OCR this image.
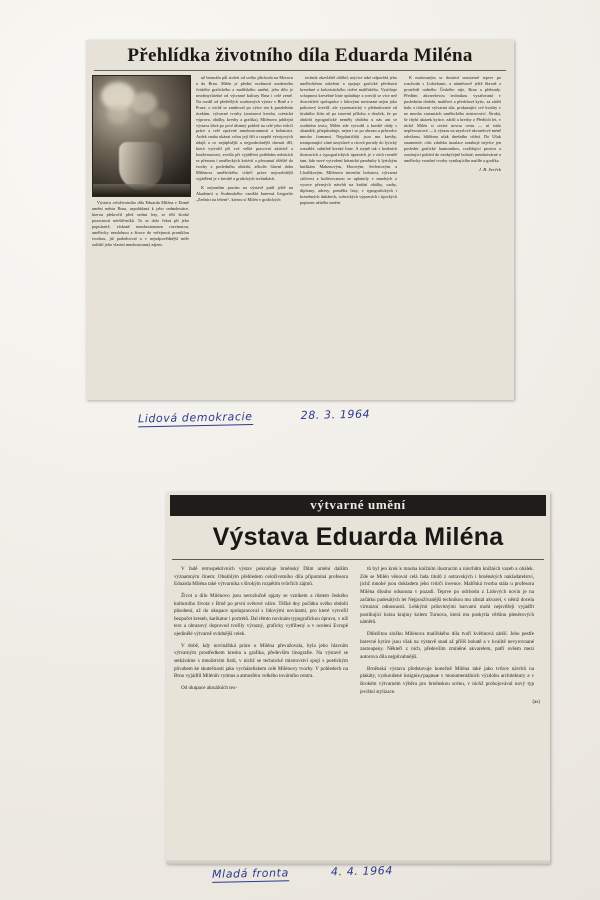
Přehlídka životního díla Eduarda Miléna
Výstava celoživotního díla Eduarda Miléna v Domě umění města Brna, uspořádaná k jeho sedmdesátce, kterou překročil před sedmi lety, se těší široké pozornosti návštěvníků. To se dalo čekat při jeho popularitě, získané mnohostrannou rozvinutou, umělecky nezdolnou a široce do veřejnosti proniklou tvorbou, již podněcoval a v nejodpovědnější míře zaštítil jeho vlastní mnohostranný zájem.
už bezmála půl století od svého příchodu na Moravu a do Brna. Milén je přední osobností moderního českého grafického a malířského umění, jeho dílo je neodmyslitelné od výtvarné kultury Brna i celé země. Na rozdíl od předešlých souborných výstav v Brně a v Praze, o nichž se zmiňoval po výtce ten k paralelním úsekům, výtvarné tvorby (nosinová kresba, scénická výprava, obálky, kresby a grafika), Milénova jubilejní výstava dává po prvé úhrnný pohled na celé jeho tvůrčí práce a celé zprávné mnohostrannosti a bohatosti. Ardek snaha ukázat celou její šíři a rozpětí vývojových údajů a co nejúplnější a nejpodrobnější shrnutí děl, která vytvořil při své velké pracovní aktivitě a houževnatosti, svedla při vyjádření potřebám měnících se přesunu i uměleckých kritérií a přesunutí těžiště do tvorby z posledního období, ačkoliv hlavní doba Milénova uměleckého tvůrčí práce nejosobitější vyjádření je v kresbě a grafických technikách.
K nejranším pracím na výstavě patří ještě na Akademii u Švabinského vzniklá barevná litografie „Zedníci na lešení“, kterou si Milén v grafických
technik obzvláště oblíbil, nejvíce také odpovídá jeho uměleckému založení a spojuje grafické přednosti kresebné a koloristického citění malířského. Vystihuje schopnost kresebné linie uplatňuje a rozvíjí se více než dvacetileté spolupráce s lidovými novinami nejen jako pohotový kreslíř, ale systematický v přebudované od titulního štítu až po insertní přílohu a doušek, že po období typografické neměly obdobu u nás ani se osobitém textu, Milén zde vytvořil a kresbě obdy s okamžik, přizpůsobuje, nejen i se po obrazu a průvodce mnoho formami. Nejplastičtěji jsou mu kresby, transponující sítné umyslavé a citová porady do lyrický rozsáhlé, subtilně kreské linie. A stejně tak v knižních ilustracích a typografických úpravách je v ních rovněž tam, kde nové vytvoření básnické pandruhy k lyrickým knižkám Mahenovým, Horovým, Seifertovým a Lhotlíkovým. Milénova invenční bohatost, výtvarná citlivost a kultivovanost se uplatnily v mnohých z vysoce přesných návrhů na knižní obálky, sazby, diplomy, adresy, poměšta listy, v typografických i kresebných dukátech, scénických výpravách i tipických popisem užitého umění.
K malovaným se dostává soustavně teprve po rozchodu s Lidovkami, a náměstově ještě hlavně z prostředí rodného Českého ráje, Brna a přehrady. Předtím akvarelovou technikou vyzařovaná v posledním období, malířovi a předchozí kytic, za zátiší halu a tiskovní výtvarná síla, prokazující své kvality v ne mnoha variantách uměleckého mistrovství. Široká, še chybí ukázek kytice, zátiší a kresby z Předtích let, v nichž Milén si otvírá novou cestu — ní stálo nepřesostrové — k výrazu na snyslové akvarelové méně zdviženu, blížítmu ušak dnešního cítění. Do Ušak znamenité, cítíc zdaleka inzulace zasahuje nejvíce jen poslední grafické harmonikos, rozšiřující prostor a zastírající pohled do neobyčejně bohaté, mnohotvárné a umělecky vzrušné tvorby vynikajícího malíře a grafika.
J. B. Svrček
Lidová demokracie	28. 3. 1964
výtvarné umění
Výstava Eduarda Miléna

V řadě retrospektivních výstav pokračuje brněnský Dům umění dalším významným činem: Obsáhlým přehledem celoživotního díla připomíná profesora Eduarda Miléna také výtvarníka s širokým rozpětím tvůrčích zájmů.

Život a dílo Milénovo jsou nerozlučně spjaty se vznikem a růstem českého kulturního života v Brně po první světové válce. Těžké dny počátku svého období působení, až do okupace spolupracoval s lidovými novinami, pro které vytvořil bezpočet kreseb, karikatur i portrétů. Dal těmto novinám typografickou úpravu, v níž text a obrazový doprovod tvořily výrazný, graficky vytříbený a v ucelení Evropě ojedinělé výtvarně svůdnější celek.

V době, kdy novinářská práce u Miléna převažovala, byla jeho hlavním výtvarným prostředkem kresba a grafika, především linografie. Na výstavě se setkáváme s množstvím listů, v nichž se technické mistrovství spojí s poetickým půvabem ke skutečnosti jako vycházeliskem celé Milénovy tvorby. V pohledech na Brno vyjádřil Milénův rytmus a atmosféru velkého továrního centra.

Od okupace aktuálních tex-

tů byl jen krok k mnoha knižním ilustracím a návrhům knižních vazeb a obálek. Zde se Milén věnoval celá řada titulů z ostravských i brněnských nakladatelství, jichž mnohé jsou dokladem jeho tvůrčí invence. Malířská tvorba stála u profesora Miléna dlouho odsunuta v pozadí. Teprve po odchodu z Lidových novin je na začátku padesátých let Nejpoužívanější technikou mu zůstal akvarel, v němž docela virtuózní odnosností. Lehkými průsvitnými barvami mohl nejsvěžeji vyjádřit postihující krásu krajiny kolem Turnova, která mu poskytla většinu plenérových námětů.

Důležitou složku Milénova malířského díla tvoří květinová zátiší. Jeho pestře barevné kytice jsou však na výstavě snad až příliš bohatě a v kvalitě nevyrovnané zastoupeny. Někteří z nich, především zmíněné akvarelem, patří ovšem mezi autorova díla nejpůvabnější.

Brněnská výstava představuje konečně Miléna také jako tvůrce návrhů na plakáty, vyzkoušené insignie,градные v monumentálních výzdobu architektury a v širokém výtvarném výběru pro brněnskou scénu, v nichž probojovával nový typ jevištní stylizace.

(as)
Mladá fronta	4. 4. 1964
